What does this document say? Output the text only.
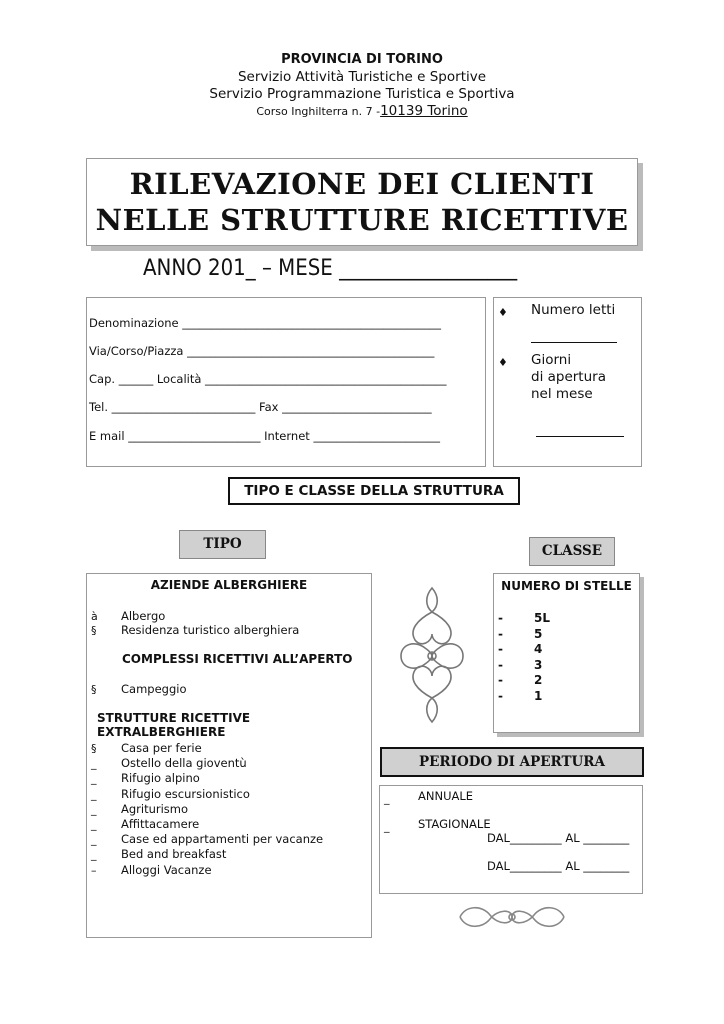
PROVINCIA DI TORINO
Servizio Attività Turistiche e Sportive
Servizio Programmazione Turistica e Sportiva
Corso Inghilterra n. 7 -10139 Torino
RILEVAZIONE DEI CLIENTI
NELLE STRUTTURE RICETTIVE
ANNO 201_ – MESE __________________
Denominazione _____________________________________________
Via/Corso/Piazza ___________________________________________
Cap. ______ Località __________________________________________
Tel. _________________________ Fax __________________________
E mail _______________________ Internet ______________________
♦ Numero letti
♦ Giorni
di apertura
nel mese
TIPO E CLASSE DELLA STRUTTURA
TIPO	CLASSE
AZIENDE ALBERGHIERE
à Albergo
§ Residenza turistico alberghiera
COMPLESSI RICETTIVI ALL’APERTO
§ Campeggio
STRUTTURE RICETTIVE EXTRALBERGHIERE
§ Casa per ferie
_ Ostello della gioventù
_ Rifugio alpino
_ Rifugio escursionistico
_ Agriturismo
_ Affittacamere
_ Case ed appartamenti per vacanze
_ Bed and breakfast
– Alloggi Vacanze
NUMERO DI STELLE
-	5L
-	5
-	4
-	3
-	2
-	1
PERIODO DI APERTURA
_ ANNUALE
_ STAGIONALE
DAL_________ AL ________
DAL_________ AL ________
